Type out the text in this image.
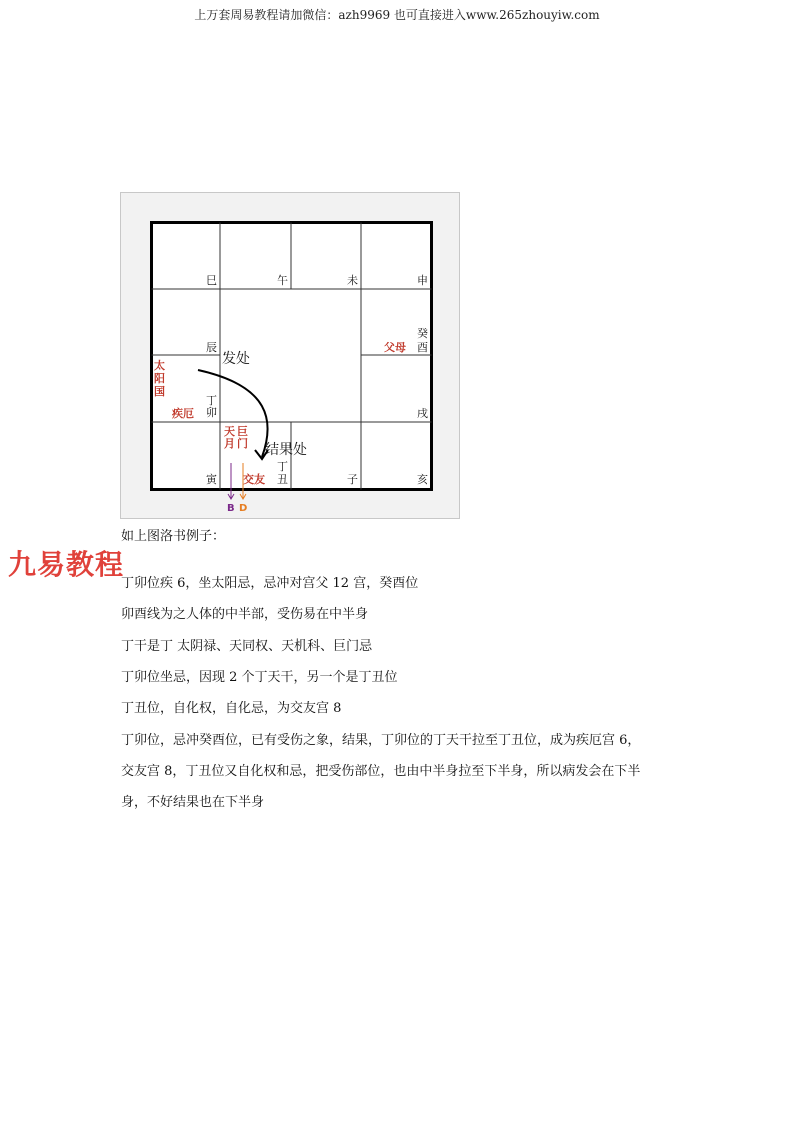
上万套周易教程请加微信：azh9969 也可直接进入www.265zhouyiw.com
巳	午	未	申
辰
太
阳
国
疾厄
丁
卯
癸
酉
父母
戌
寅
天
月
巨
门
交友
丁
丑	子	亥
发处
结果处
B D
如上图洛书例子：
九易教程
丁卯位疾 6，坐太阳忌，忌冲对宫父 12 宫，癸酉位
卯酉线为之人体的中半部，受伤易在中半身
丁干是丁 太阴禄、天同权、天机科、巨门忌
丁卯位坐忌，因现 2 个丁天干，另一个是丁丑位
丁丑位，自化权，自化忌，为交友宫 8
丁卯位，忌冲癸酉位，已有受伤之象，结果，丁卯位的丁天干拉至丁丑位，成为疾厄宫 6，
交友宫 8，丁丑位又自化权和忌，把受伤部位，也由中半身拉至下半身，所以病发会在下半
身，不好结果也在下半身
